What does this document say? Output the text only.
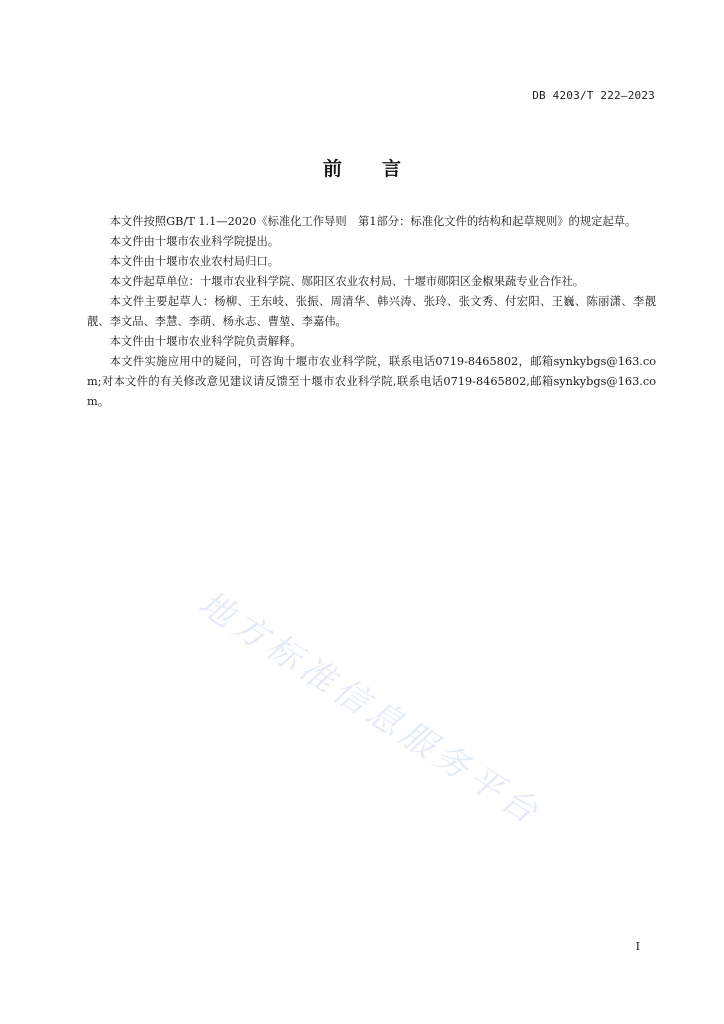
DB 4203/T 222—2023
前言

本文件按照GB/T 1.1—2020《标准化工作导则　第1部分：标准化文件的结构和起草规则》的规定起草。

本文件由十堰市农业科学院提出。

本文件由十堰市农业农村局归口。

本文件起草单位：十堰市农业科学院、郧阳区农业农村局、十堰市郧阳区金椒果蔬专业合作社。

本文件主要起草人：杨柳、王东岐、张振、周清华、韩兴涛、张玲、张文秀、付宏阳、王巍、陈丽潇、李靓靓、李文品、李慧、李萌、杨永志、曹堃、李嘉伟。

本文件由十堰市农业科学院负责解释。

本文件实施应用中的疑问，可咨询十堰市农业科学院，联系电话0719-8465802，邮箱synkybgs@163.com;对本文件的有关修改意见建议请反馈至十堰市农业科学院,联系电话0719-8465802,邮箱synkybgs@163.com。

地方标准信息服务平台
I
